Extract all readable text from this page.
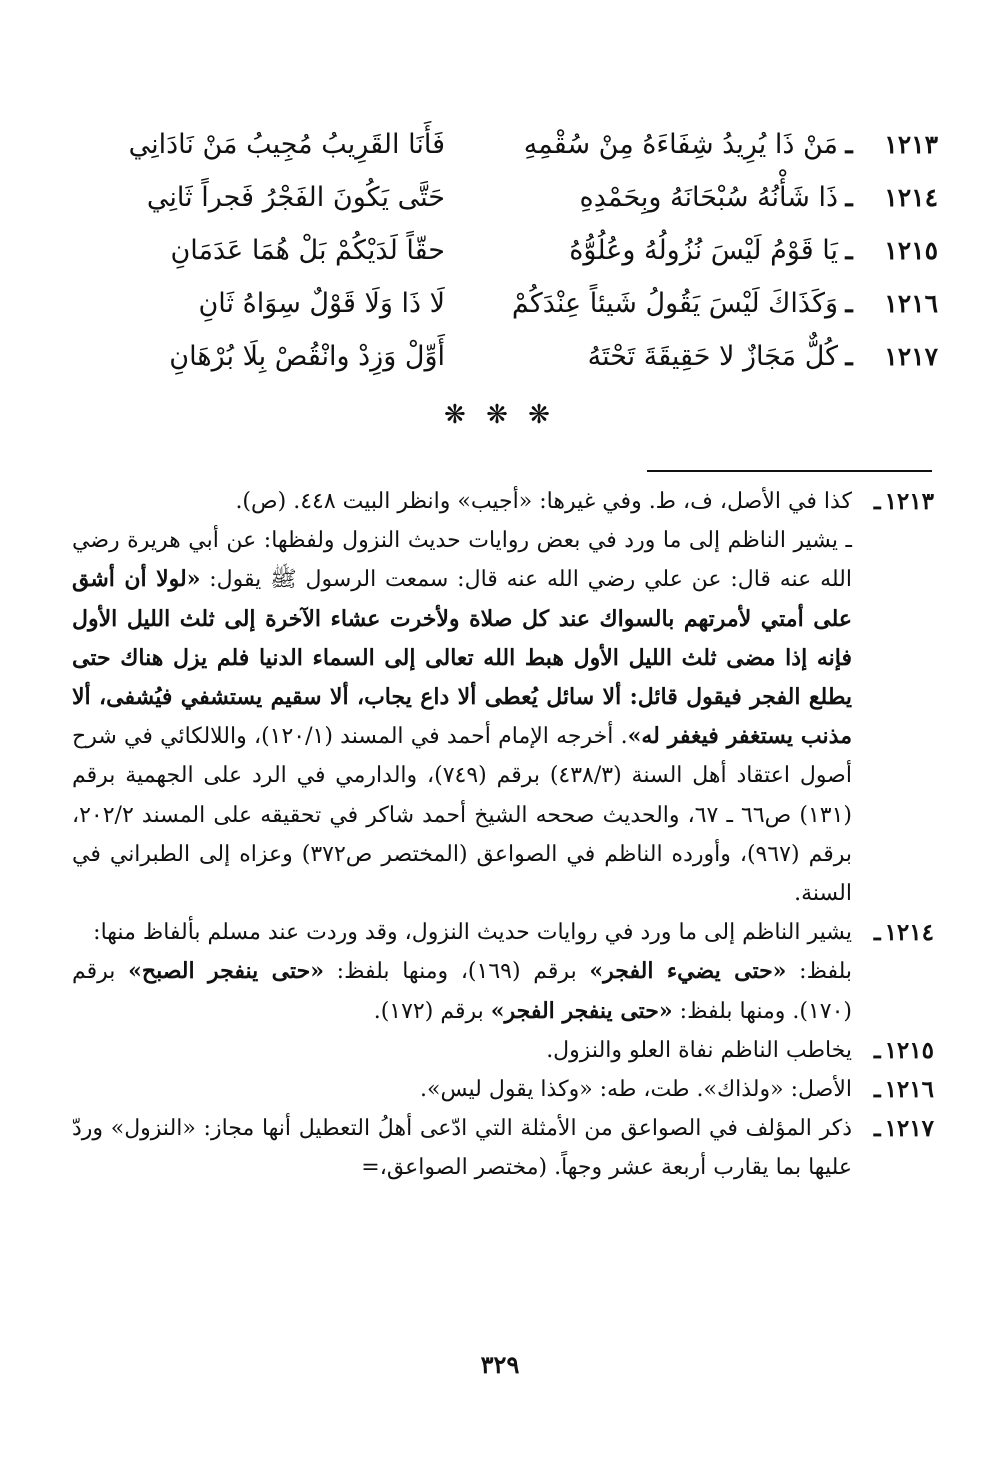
١٢١٣
ـ
مَنْ ذَا يُرِيدُ شِفَاءَهُ مِنْ سُقْمِهِ
فَأَنَا القَرِيبُ مُجِيبُ مَنْ نَادَانِي
١٢١٤
ـ
ذَا شَأْنُهُ سُبْحَانَهُ وبِحَمْدِهِ
حَتَّى يَكُونَ الفَجْرُ فَجراً ثَانِي
١٢١٥
ـ
يَا قَوْمُ لَيْسَ نُزُولُهُ وعُلُوُّهُ
حقّاً لَدَيْكُمْ بَلْ هُمَا عَدَمَانِ
١٢١٦
ـ
وَكَذَاكَ لَيْسَ يَقُولُ شَيئاً عِنْدَكُمْ
لَا ذَا وَلَا قَوْلٌ سِوَاهُ ثَانِ
١٢١٧
ـ
كُلٌّ مَجَازٌ لا حَقِيقَةَ تَحْتَهُ
أَوِّلْ وَزِدْ وانْقُصْ بِلَا بُرْهَانِ
❋ ❋ ❋
١٢١٣ـ

كذا في الأصل، ف، ط. وفي غيرها: «أجيب» وانظر البيت ٤٤٨. (ص).

ـ يشير الناظم إلى ما ورد في بعض روايات حديث النزول ولفظها: عن أبي هريرة رضي الله عنه قال: عن علي رضي الله عنه قال: سمعت الرسول ﷺ يقول: «لولا أن أشق على أمتي لأمرتهم بالسواك عند كل صلاة ولأخرت عشاء الآخرة إلى ثلث الليل الأول فإنه إذا مضى ثلث الليل الأول هبط الله تعالى إلى السماء الدنيا فلم يزل هناك حتى يطلع الفجر فيقول قائل: ألا سائل يُعطى ألا داع يجاب، ألا سقيم يستشفي فيُشفى، ألا مذنب يستغفر فيغفر له». أخرجه الإمام أحمد في المسند (١٢٠/١)، واللالكائي في شرح أصول اعتقاد أهل السنة (٤٣٨/٣) برقم (٧٤٩)، والدارمي في الرد على الجهمية برقم (١٣١) ص٦٦ ـ ٦٧، والحديث صححه الشيخ أحمد شاكر في تحقيقه على المسند ٢٠٢/٢، برقم (٩٦٧)، وأورده الناظم في الصواعق (المختصر ص٣٧٢) وعزاه إلى الطبراني في السنة.

١٢١٤ـ

يشير الناظم إلى ما ورد في روايات حديث النزول، وقد وردت عند مسلم بألفاظ منها:

بلفظ: «حتى يضيء الفجر» برقم (١٦٩)، ومنها بلفظ: «حتى ينفجر الصبح» برقم (١٧٠). ومنها بلفظ: «حتى ينفجر الفجر» برقم (١٧٢).

١٢١٥ـ
يخاطب الناظم نفاة العلو والنزول.
١٢١٦ـ
الأصل: «ولذاك». طت، طه: «وكذا يقول ليس».
١٢١٧ـ
ذكر المؤلف في الصواعق من الأمثلة التي ادّعى أهلُ التعطيل أنها مجاز: «النزول» وردّ عليها بما يقارب أربعة عشر وجهاً. (مختصر الصواعق،=
٣٢٩
